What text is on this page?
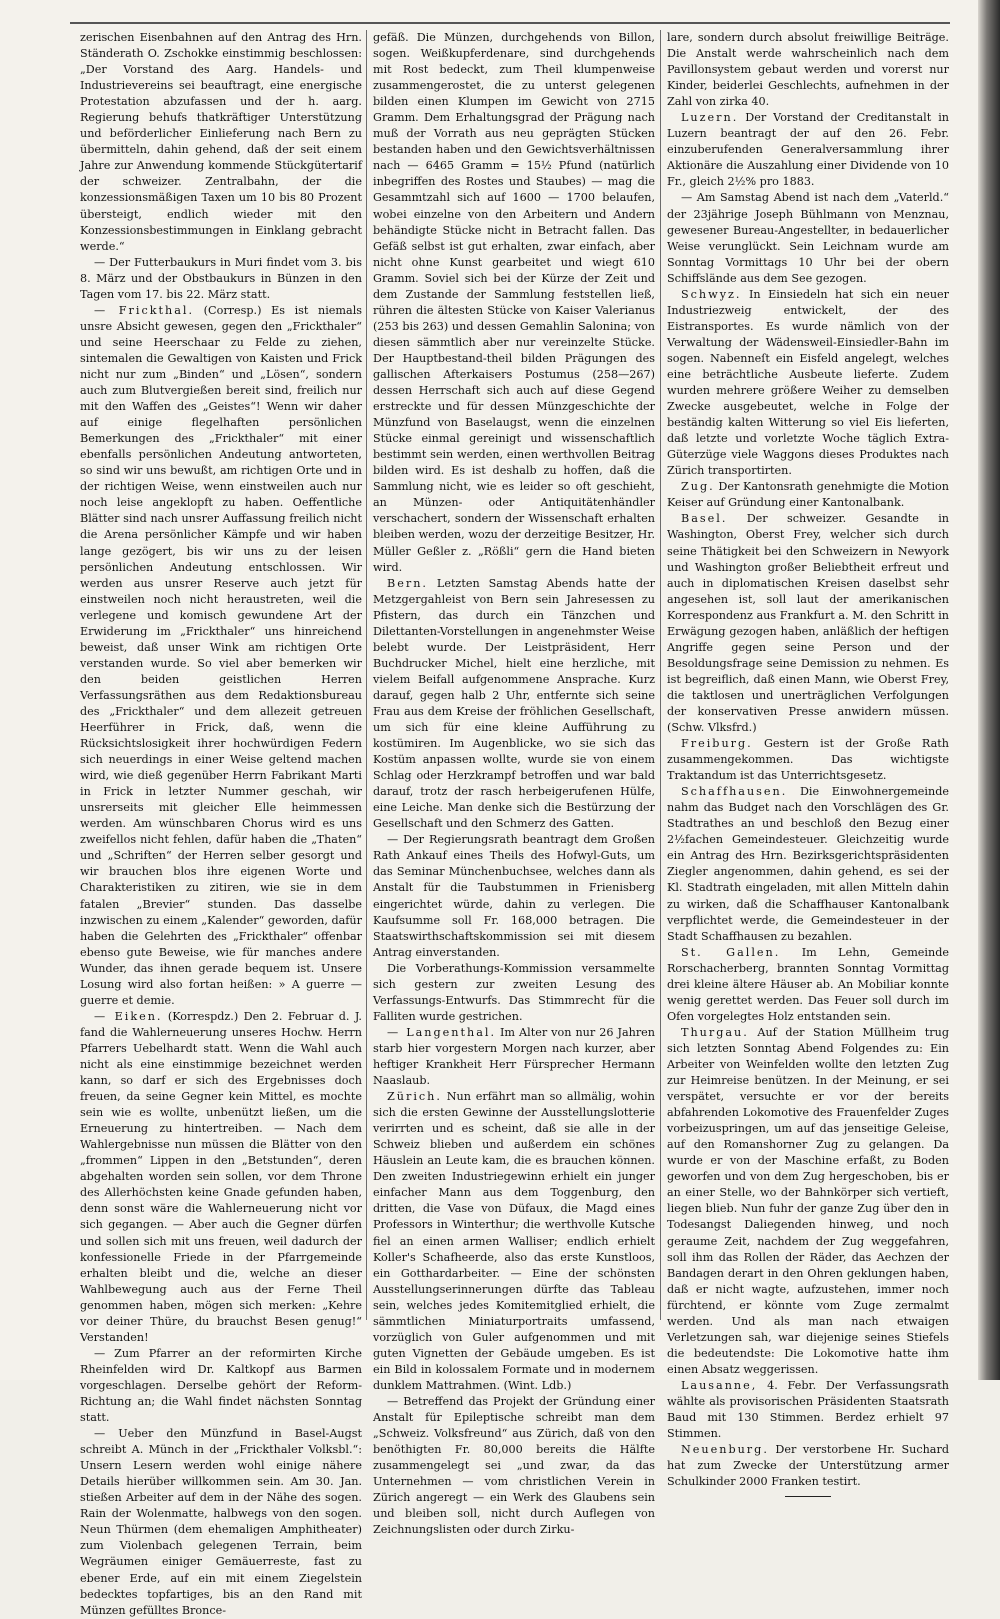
zerischen Eisenbahnen auf den Antrag des Hrn. Ständerath O. Zschokke einstimmig beschlossen: „Der Vorstand des Aarg. Handels- und Industrievereins sei beauftragt, eine energische Protestation abzufassen und der h. aarg. Regierung behufs thatkräftiger Unterstützung und beförderlicher Einlieferung nach Bern zu übermitteln, dahin gehend, daß der seit einem Jahre zur Anwendung kommende Stückgütertarif der schweizer. Zentralbahn, der die konzessionsmäßigen Taxen um 10 bis 80 Prozent übersteigt, endlich wieder mit den Konzessionsbestimmungen in Einklang gebracht werde.“

— Der Futterbaukurs in Muri findet vom 3. bis 8. März und der Obstbaukurs in Bünzen in den Tagen vom 17. bis 22. März statt.

— Frickthal. (Corresp.) Es ist niemals unsre Absicht gewesen, gegen den „Frickthaler“ und seine Heerschaar zu Felde zu ziehen, sintemalen die Gewaltigen von Kaisten und Frick nicht nur zum „Binden“ und „Lösen“, sondern auch zum Blutvergießen bereit sind, freilich nur mit den Waffen des „Geistes“! Wenn wir daher auf einige flegelhaften persönlichen Bemerkungen des „Frickthaler“ mit einer ebenfalls persönlichen Andeutung antworteten, so sind wir uns bewußt, am richtigen Orte und in der richtigen Weise, wenn einstweilen auch nur noch leise angeklopft zu haben. Oeffentliche Blätter sind nach unsrer Auffassung freilich nicht die Arena persönlicher Kämpfe und wir haben lange gezögert, bis wir uns zu der leisen persönlichen Andeutung entschlossen. Wir werden aus unsrer Reserve auch jetzt für einstweilen noch nicht heraustreten, weil die verlegene und komisch gewundene Art der Erwiderung im „Frickthaler“ uns hinreichend beweist, daß unser Wink am richtigen Orte verstanden wurde. So viel aber bemerken wir den beiden geistlichen Herren Verfassungsräthen aus dem Redaktionsbureau des „Frickthaler“ und dem allezeit getreuen Heerführer in Frick, daß, wenn die Rücksichtslosigkeit ihrer hochwürdigen Federn sich neuerdings in einer Weise geltend machen wird, wie dieß gegenüber Herrn Fabrikant Marti in Frick in letzter Nummer geschah, wir unsrerseits mit gleicher Elle heimmessen werden. Am wünschbaren Chorus wird es uns zweifellos nicht fehlen, dafür haben die „Thaten“ und „Schriften“ der Herren selber gesorgt und wir brauchen blos ihre eigenen Worte und Charakteristiken zu zitiren, wie sie in dem fatalen „Brevier“ stunden. Das dasselbe inzwischen zu einem „Kalender“ geworden, dafür haben die Gelehrten des „Frickthaler“ offenbar ebenso gute Beweise, wie für manches andere Wunder, das ihnen gerade bequem ist. Unsere Losung wird also fortan heißen: » A guerre — guerre et demie.

— Eiken. (Korrespdz.) Den 2. Februar d. J. fand die Wahlerneuerung unseres Hochw. Herrn Pfarrers Uebelhardt statt. Wenn die Wahl auch nicht als eine einstimmige bezeichnet werden kann, so darf er sich des Ergebnisses doch freuen, da seine Gegner kein Mittel, es mochte sein wie es wollte, unbenützt ließen, um die Erneuerung zu hintertreiben. — Nach dem Wahlergebnisse nun müssen die Blätter von den „frommen“ Lippen in den „Betstunden“, deren abgehalten worden sein sollen, vor dem Throne des Allerhöchsten keine Gnade gefunden haben, denn sonst wäre die Wahlerneuerung nicht vor sich gegangen. — Aber auch die Gegner dürfen und sollen sich mit uns freuen, weil dadurch der konfessionelle Friede in der Pfarrgemeinde erhalten bleibt und die, welche an dieser Wahlbewegung auch aus der Ferne Theil genommen haben, mögen sich merken: „Kehre vor deiner Thüre, du brauchst Besen genug!“ Verstanden!

— Zum Pfarrer an der reformirten Kirche Rheinfelden wird Dr. Kaltkopf aus Barmen vorgeschlagen. Derselbe gehört der Reform-Richtung an; die Wahl findet nächsten Sonntag statt.

— Ueber den Münzfund in Basel-Augst schreibt A. Münch in der „Frickthaler Volksbl.“: Unsern Lesern werden wohl einige nähere Details hierüber willkommen sein. Am 30. Jan. stießen Arbeiter auf dem in der Nähe des sogen. Rain der Wolenmatte, halbwegs von den sogen. Neun Thürmen (dem ehemaligen Amphitheater) zum Violenbach gelegenen Terrain, beim Wegräumen einiger Gemäuerreste, fast zu ebener Erde, auf ein mit einem Ziegelstein bedecktes topfartiges, bis an den Rand mit Münzen gefülltes Bronce-

gefäß. Die Münzen, durchgehends von Billon, sogen. Weißkupferdenare, sind durchgehends mit Rost bedeckt, zum Theil klumpenweise zusammengerostet, die zu unterst gelegenen bilden einen Klumpen im Gewicht von 2715 Gramm. Dem Erhaltungsgrad der Prägung nach muß der Vorrath aus neu geprägten Stücken bestanden haben und den Gewichtsverhältnissen nach — 6465 Gramm = 15½ Pfund (natürlich inbegriffen des Rostes und Staubes) — mag die Gesammtzahl sich auf 1600 — 1700 belaufen, wobei einzelne von den Arbeitern und Andern behändigte Stücke nicht in Betracht fallen. Das Gefäß selbst ist gut erhalten, zwar einfach, aber nicht ohne Kunst gearbeitet und wiegt 610 Gramm. Soviel sich bei der Kürze der Zeit und dem Zustande der Sammlung feststellen ließ, rühren die ältesten Stücke von Kaiser Valerianus (253 bis 263) und dessen Gemahlin Salonina; von diesen sämmtlich aber nur vereinzelte Stücke. Der Hauptbestand-theil bilden Prägungen des gallischen Afterkaisers Postumus (258—267) dessen Herrschaft sich auch auf diese Gegend erstreckte und für dessen Münzgeschichte der Münzfund von Baselaugst, wenn die einzelnen Stücke einmal gereinigt und wissenschaftlich bestimmt sein werden, einen werthvollen Beitrag bilden wird. Es ist deshalb zu hoffen, daß die Sammlung nicht, wie es leider so oft geschieht, an Münzen- oder Antiquitätenhändler verschachert, sondern der Wissenschaft erhalten bleiben werden, wozu der derzeitige Besitzer, Hr. Müller Geßler z. „Rößli“ gern die Hand bieten wird.

Bern. Letzten Samstag Abends hatte der Metzgergahleist von Bern sein Jahresessen zu Pfistern, das durch ein Tänzchen und Dilettanten-Vorstellungen in angenehmster Weise belebt wurde. Der Leistpräsident, Herr Buchdrucker Michel, hielt eine herzliche, mit vielem Beifall aufgenommene Ansprache. Kurz darauf, gegen halb 2 Uhr, entfernte sich seine Frau aus dem Kreise der fröhlichen Gesellschaft, um sich für eine kleine Aufführung zu kostümiren. Im Augenblicke, wo sie sich das Kostüm anpassen wollte, wurde sie von einem Schlag oder Herzkrampf betroffen und war bald darauf, trotz der rasch herbeigerufenen Hülfe, eine Leiche. Man denke sich die Bestürzung der Gesellschaft und den Schmerz des Gatten.

— Der Regierungsrath beantragt dem Großen Rath Ankauf eines Theils des Hofwyl-Guts, um das Seminar Münchenbuchsee, welches dann als Anstalt für die Taubstummen in Frienisberg eingerichtet würde, dahin zu verlegen. Die Kaufsumme soll Fr. 168,000 betragen. Die Staatswirthschaftskommission sei mit diesem Antrag einverstanden.

Die Vorberathungs-Kommission versammelte sich gestern zur zweiten Lesung des Verfassungs-Entwurfs. Das Stimmrecht für die Falliten wurde gestrichen.

— Langenthal. Im Alter von nur 26 Jahren starb hier vorgestern Morgen nach kurzer, aber heftiger Krankheit Herr Fürsprecher Hermann Naaslaub.

Zürich. Nun erfährt man so allmälig, wohin sich die ersten Gewinne der Ausstellungslotterie verirrten und es scheint, daß sie alle in der Schweiz blieben und außerdem ein schönes Häuslein an Leute kam, die es brauchen können. Den zweiten Industriegewinn erhielt ein junger einfacher Mann aus dem Toggenburg, den dritten, die Vase von Düfaux, die Magd eines Professors in Winterthur; die werthvolle Kutsche fiel an einen armen Walliser; endlich erhielt Koller's Schafheerde, also das erste Kunstloos, ein Gotthardarbeiter. — Eine der schönsten Ausstellungserinnerungen dürfte das Tableau sein, welches jedes Komitemitglied erhielt, die sämmtlichen Miniaturportraits umfassend, vorzüglich von Guler aufgenommen und mit guten Vignetten der Gebäude umgeben. Es ist ein Bild in kolossalem Formate und in modernem dunklem Mattrahmen. (Wint. Ldb.)

— Betreffend das Projekt der Gründung einer Anstalt für Epileptische schreibt man dem „Schweiz. Volksfreund“ aus Zürich, daß von den benöthigten Fr. 80,000 bereits die Hälfte zusammengelegt sei „und zwar, da das Unternehmen — vom christlichen Verein in Zürich angeregt — ein Werk des Glaubens sein und bleiben soll, nicht durch Auflegen von Zeichnungslisten oder durch Zirku-

lare, sondern durch absolut freiwillige Beiträge. Die Anstalt werde wahrscheinlich nach dem Pavillonsystem gebaut werden und vorerst nur Kinder, beiderlei Geschlechts, aufnehmen in der Zahl von zirka 40.

Luzern. Der Vorstand der Creditanstalt in Luzern beantragt der auf den 26. Febr. einzuberufenden Generalversammlung ihrer Aktionäre die Auszahlung einer Dividende von 10 Fr., gleich 2½% pro 1883.

— Am Samstag Abend ist nach dem „Vaterld.“ der 23jährige Joseph Bühlmann von Menznau, gewesener Bureau-Angestellter, in bedauerlicher Weise verunglückt. Sein Leichnam wurde am Sonntag Vormittags 10 Uhr bei der obern Schiffsländе aus dem See gezogen.

Schwyz. In Einsiedeln hat sich ein neuer Industriezweig entwickelt, der des Eistransportes. Es wurde nämlich von der Verwaltung der Wädensweil-Einsiedler-Bahn im sogen. Nabenneſt ein Eisfeld angelegt, welches eine beträchtliche Ausbeute lieferte. Zudem wurden mehrere größere Weiher zu demselben Zwecke ausgebeutet, welche in Folge der beständig kalten Witterung so viel Eis lieferten, daß letzte und vorletzte Woche täglich Extra-Güterzüge viele Waggons dieses Produktes nach Zürich transportirten.

Zug. Der Kantonsrath genehmigte die Motion Keiser auf Gründung einer Kantonalbank.

Basel. Der schweizer. Gesandte in Washington, Oberst Frey, welcher sich durch seine Thätigkeit bei den Schweizern in Newyork und Washington großer Beliebtheit erfreut und auch in diplomatischen Kreisen daselbst sehr angesehen ist, soll laut der amerikanischen Korrespondenz aus Frankfurt a. M. den Schritt in Erwägung gezogen haben, anläßlich der heftigen Angriffe gegen seine Person und der Besoldungsfrage seine Demission zu nehmen. Es ist begreiflich, daß einen Mann, wie Oberst Frey, die taktlosen und unerträglichen Verfolgungen der konservativen Presse anwidern müssen. (Schw. Vlksfrd.)

Freiburg. Gestern ist der Große Rath zusammengekommen. Das wichtigste Traktandum ist das Unterrichtsgesetz.

Schaffhausen. Die Einwohnergemeinde nahm das Budget nach den Vorschlägen des Gr. Stadtrathes an und beschloß den Bezug einer 2½fachen Gemeindesteuer. Gleichzeitig wurde ein Antrag des Hrn. Bezirksgerichtspräsidenten Ziegler angenommen, dahin gehend, es sei der Kl. Stadtrath eingeladen, mit allen Mitteln dahin zu wirken, daß die Schaffhauser Kantonalbank verpflichtet werde, die Gemeindesteuer in der Stadt Schaffhausen zu bezahlen.

St. Gallen. Im Lehn, Gemeinde Rorschacherberg, brannten Sonntag Vormittag drei kleine ältere Häuser ab. An Mobiliar konnte wenig gerettet werden. Das Feuer soll durch im Ofen vorgelegtes Holz entstanden sein.

Thurgau. Auf der Station Müllheim trug sich letzten Sonntag Abend Folgendes zu: Ein Arbeiter von Weinfelden wollte den letzten Zug zur Heimreise benützen. In der Meinung, er sei verspätet, versuchte er vor der bereits abfahrenden Lokomotive des Frauenfelder Zuges vorbeizuspringen, um auf das jenseitige Geleise, auf den Romanshorner Zug zu gelangen. Da wurde er von der Maschine erfaßt, zu Boden geworfen und von dem Zug hergeschoben, bis er an einer Stelle, wo der Bahnkörper sich vertieft, liegen blieb. Nun fuhr der ganze Zug über den in Todesangst Daliegenden hinweg, und noch geraume Zeit, nachdem der Zug weggefahren, soll ihm das Rollen der Räder, das Aechzen der Bandagen derart in den Ohren geklungen haben, daß er nicht wagte, aufzustehen, immer noch fürchtend, er könnte vom Zuge zermalmt werden. Und als man nach etwaigen Verletzungen sah, war diejenige seines Stiefels die bedeutendste: Die Lokomotive hatte ihm einen Absatz weggerissen.

Lausanne, 4. Febr. Der Verfassungsrath wählte als provisorischen Präsidenten Staatsrath Baud mit 130 Stimmen. Berdez erhielt 97 Stimmen.

Neuenburg. Der verstorbene Hr. Suchard hat zum Zwecke der Unterstützung armer Schulkinder 2000 Franken testirt.
